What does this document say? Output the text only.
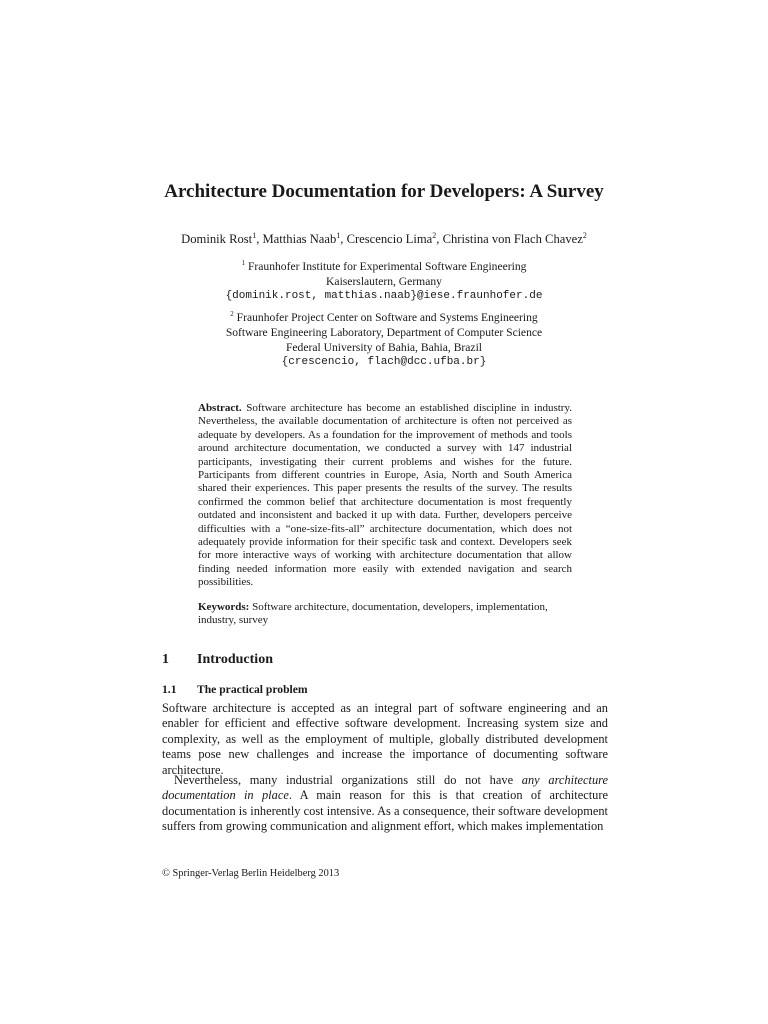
Architecture Documentation for Developers: A Survey
Dominik Rost$^1$, Matthias Naab$^1$, Crescencio Lima$^2$, Christina von Flach Chavez$^2$
$^1$ Fraunhofer Institute for Experimental Software Engineering
Kaiserslautern, Germany
{dominik.rost, matthias.naab}@iese.fraunhofer.de
$^2$ Fraunhofer Project Center on Software and Systems Engineering
Software Engineering Laboratory, Department of Computer Science
Federal University of Bahia, Bahia, Brazil
{crescencio, flach@dcc.ufba.br}
Abstract. Software architecture has become an established discipline in industry. Nevertheless, the available documentation of architecture is often not perceived as adequate by developers. As a foundation for the improvement of methods and tools around architecture documentation, we conducted a survey with 147 industrial participants, investigating their current problems and wishes for the future. Participants from different countries in Europe, Asia, North and South America shared their experiences. This paper presents the results of the survey. The results confirmed the common belief that architecture documentation is most frequently outdated and inconsistent and backed it up with data. Further, developers perceive difficulties with a “one-size-fits-all” architecture documentation, which does not adequately provide information for their specific task and context. Developers seek for more interactive ways of working with architecture documentation that allow finding needed information more easily with extended navigation and search possibilities.
Keywords: Software architecture, documentation, developers, implementation, industry, survey
1 Introduction
1.1 The practical problem
Software architecture is accepted as an integral part of software engineering and an enabler for efficient and effective software development. Increasing system size and complexity, as well as the employment of multiple, globally distributed development teams pose new challenges and increase the importance of documenting software architecture.
Nevertheless, many industrial organizations still do not have any architecture documentation in place. A main reason for this is that creation of architecture documentation is inherently cost intensive. As a consequence, their software development suffers from growing communication and alignment effort, which makes implementation
© Springer-Verlag Berlin Heidelberg 2013
